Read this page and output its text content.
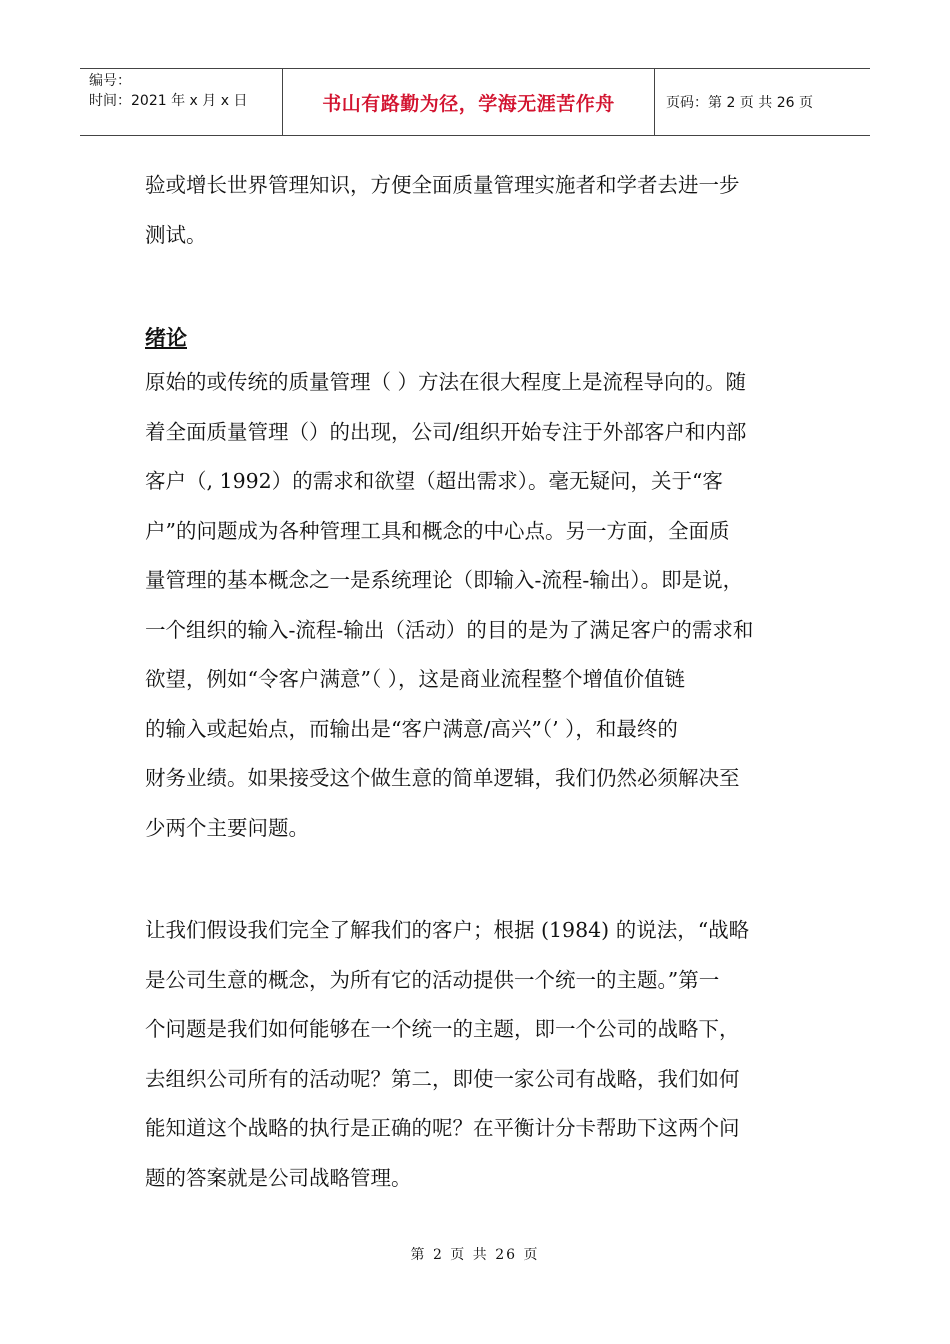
编号：
时间：2021 年 x 月 x 日	书山有路勤为径，学海无涯苦作舟	页码：第 2 页 共 26 页

验或增长世界管理知识，方便全面质量管理实施者和学者去进一步

测试。

绪论

原始的或传统的质量管理（ ）方法在很大程度上是流程导向的。随

着全面质量管理（）的出现，公司/组织开始专注于外部客户和内部

客户（, 1992）的需求和欲望（超出需求）。毫无疑问，关于“客

户”的问题成为各种管理工具和概念的中心点。另一方面，全面质

量管理的基本概念之一是系统理论（即输入-流程-输出）。即是说，

一个组织的输入-流程-输出（活动）的目的是为了满足客户的需求和

欲望，例如“令客户满意”（ ），这是商业流程整个增值价值链

的输入或起始点，而输出是“客户满意/高兴”（’ ），和最终的

财务业绩。如果接受这个做生意的简单逻辑，我们仍然必须解决至

少两个主要问题。

让我们假设我们完全了解我们的客户；根据 (1984) 的说法，“战略

是公司生意的概念，为所有它的活动提供一个统一的主题。”第一

个问题是我们如何能够在一个统一的主题，即一个公司的战略下，

去组织公司所有的活动呢？第二，即使一家公司有战略，我们如何

能知道这个战略的执行是正确的呢？在平衡计分卡帮助下这两个问

题的答案就是公司战略管理。

第 2 页 共 26 页
